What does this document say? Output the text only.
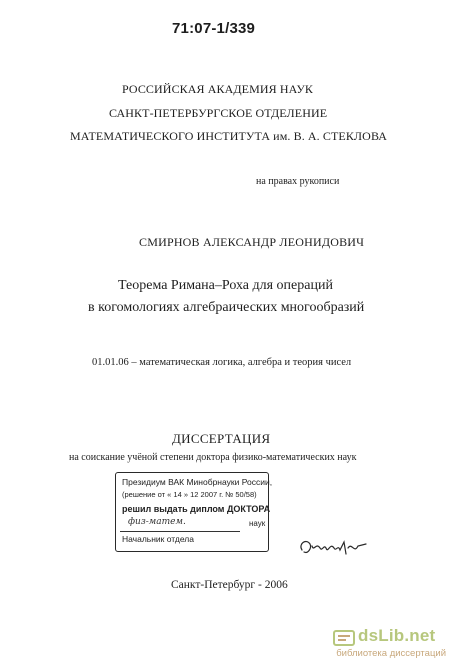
71:07-1/339
РОССИЙСКАЯ АКАДЕМИЯ НАУК
САНКТ-ПЕТЕРБУРГСКОЕ ОТДЕЛЕНИЕ
МАТЕМАТИЧЕСКОГО ИНСТИТУТА им. В. А. СТЕКЛОВА
на правах рукописи
СМИРНОВ АЛЕКСАНДР ЛЕОНИДОВИЧ
Теорема Римана–Роха для операций
в когомологиях алгебраических многообразий
01.01.06 – математическая логика, алгебра и теория чисел
ДИССЕРТАЦИЯ
на соискание учёной степени доктора физико-математических наук
Президиум ВАК Минобрнауки России,
(решение от « 14 » 12 2007 г. № 50/58)
решил выдать диплом ДОКТОРА
физ-матем.	наук
Начальник отдела
Санкт-Петербург - 2006
dsLib.net
библиотека диссертаций
